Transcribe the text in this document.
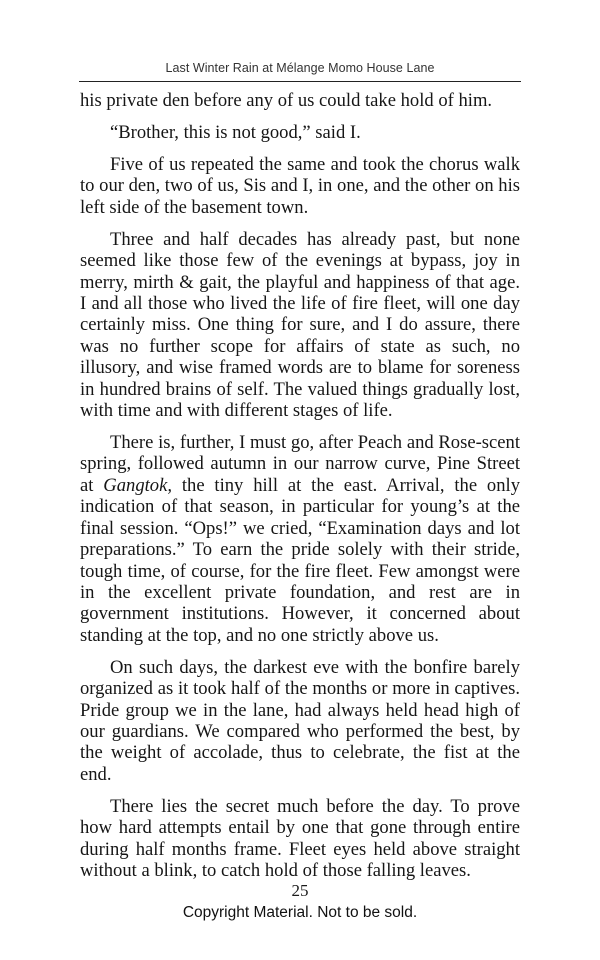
Last Winter Rain at Mélange Momo House Lane

his private den before any of us could take hold of him.

“Brother, this is not good,” said I.

Five of us repeated the same and took the chorus walk to our den, two of us, Sis and I, in one, and the other on his left side of the basement town.

Three and half decades has already past, but none seemed like those few of the evenings at bypass, joy in merry, mirth & gait, the playful and happiness of that age. I and all those who lived the life of fire fleet, will one day certainly miss. One thing for sure, and I do assure, there was no further scope for affairs of state as such, no illusory, and wise framed words are to blame for soreness in hundred brains of self. The valued things gradually lost, with time and with different stages of life.

There is, further, I must go, after Peach and Rose-scent spring, followed autumn in our narrow curve, Pine Street at Gangtok, the tiny hill at the east. Arrival, the only indication of that season, in particular for young’s at the final session. “Ops!” we cried, “Examination days and lot preparations.” To earn the pride solely with their stride, tough time, of course, for the fire fleet. Few amongst were in the excellent private foundation, and rest are in government institutions. However, it concerned about standing at the top, and no one strictly above us.

On such days, the darkest eve with the bonfire barely organized as it took half of the months or more in captives. Pride group we in the lane, had always held head high of our guardians. We compared who performed the best, by the weight of accolade, thus to celebrate, the fist at the end.

There lies the secret much before the day. To prove how hard attempts entail by one that gone through entire during half months frame. Fleet eyes held above straight without a blink, to catch hold of those falling leaves.

25
Copyright Material. Not to be sold.
